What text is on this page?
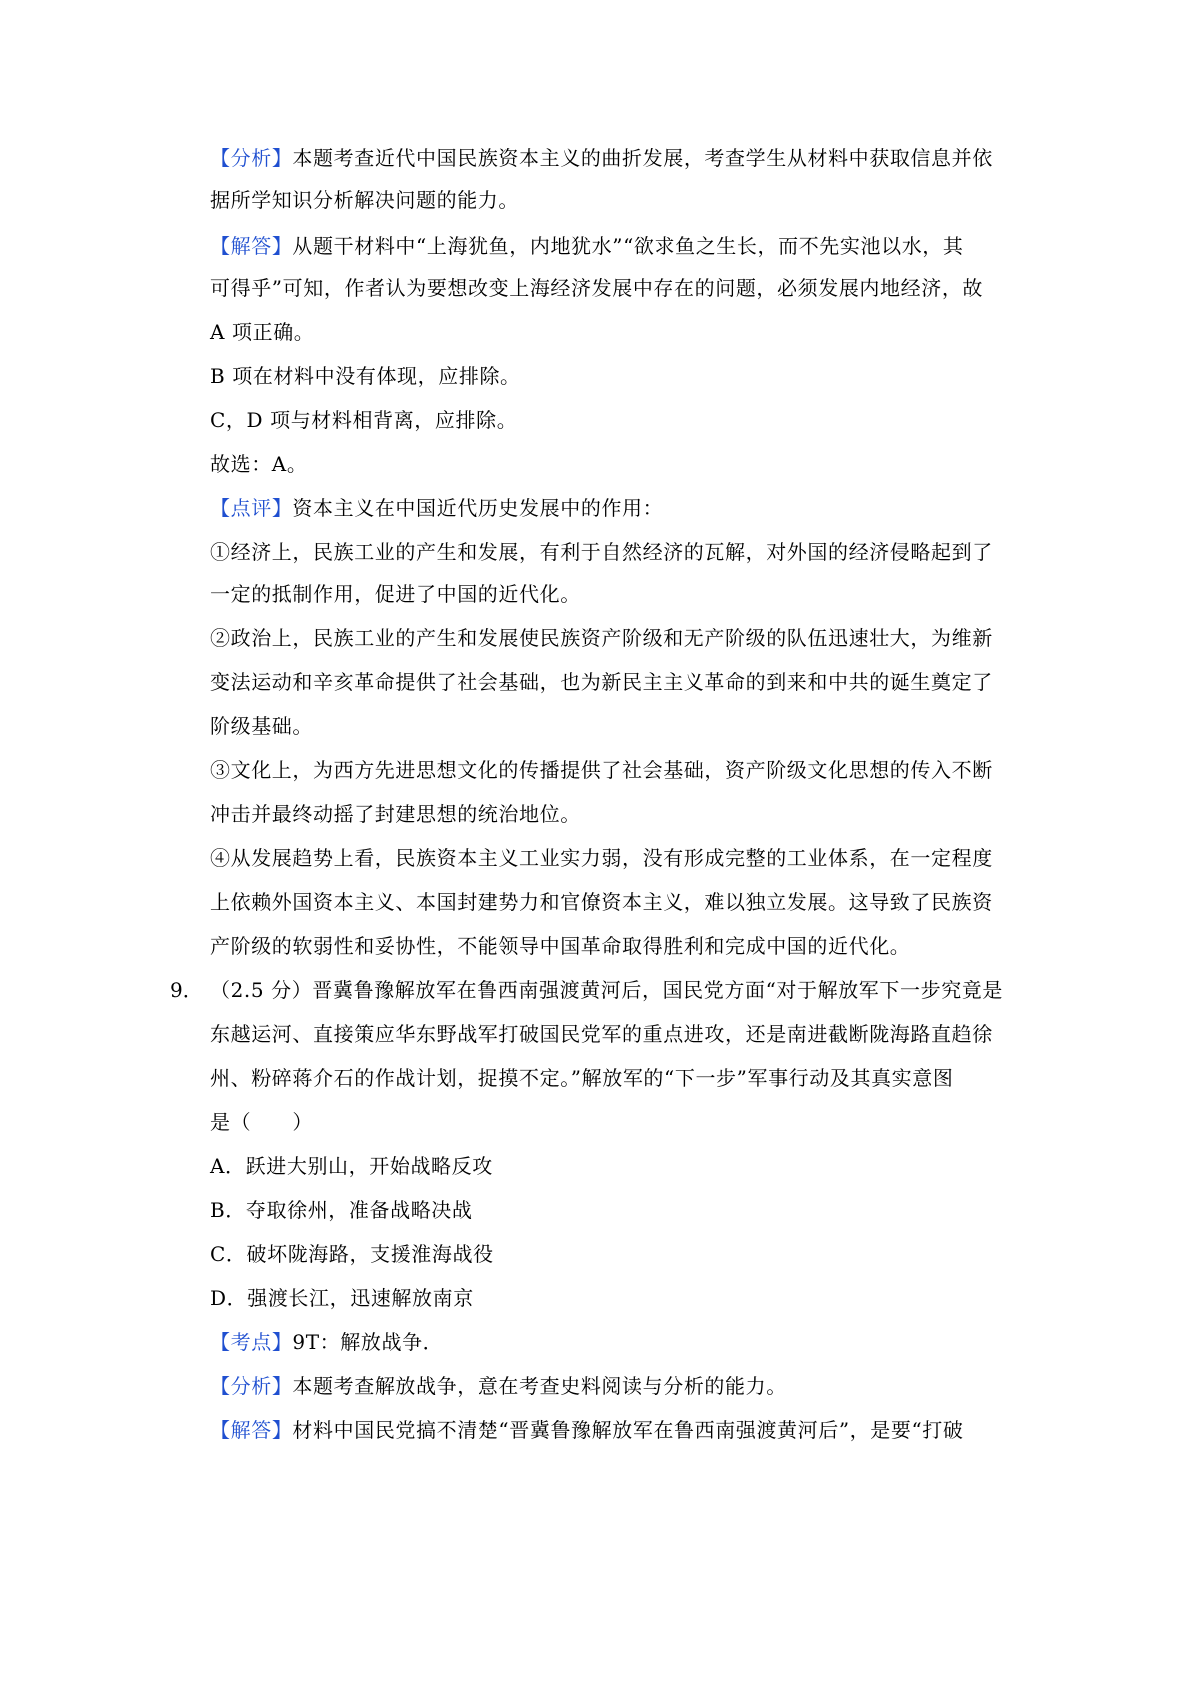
【分析】本题考查近代中国民族资本主义的曲折发展，考查学生从材料中获取信息并依
据所学知识分析解决问题的能力。
【解答】从题干材料中“上海犹鱼，内地犹水”“欲求鱼之生长，而不先实池以水，其
可得乎”可知，作者认为要想改变上海经济发展中存在的问题，必须发展内地经济，故
A 项正确。
B 项在材料中没有体现，应排除。
C，D 项与材料相背离，应排除。
故选：A。
【点评】资本主义在中国近代历史发展中的作用：
①经济上，民族工业的产生和发展，有利于自然经济的瓦解，对外国的经济侵略起到了
一定的抵制作用，促进了中国的近代化。
②政治上，民族工业的产生和发展使民族资产阶级和无产阶级的队伍迅速壮大，为维新
变法运动和辛亥革命提供了社会基础，也为新民主主义革命的到来和中共的诞生奠定了
阶级基础。
③文化上，为西方先进思想文化的传播提供了社会基础，资产阶级文化思想的传入不断
冲击并最终动摇了封建思想的统治地位。
④从发展趋势上看，民族资本主义工业实力弱，没有形成完整的工业体系，在一定程度
上依赖外国资本主义、本国封建势力和官僚资本主义，难以独立发展。这导致了民族资
产阶级的软弱性和妥协性，不能领导中国革命取得胜利和完成中国的近代化。
9． （2.5 分）晋冀鲁豫解放军在鲁西南强渡黄河后，国民党方面“对于解放军下一步究竟是
东越运河、直接策应华东野战军打破国民党军的重点进攻，还是南进截断陇海路直趋徐
州、粉碎蒋介石的作战计划，捉摸不定。”解放军的“下一步”军事行动及其真实意图
是（　　）
A．跃进大别山，开始战略反攻
B．夺取徐州，准备战略决战
C．破坏陇海路，支援淮海战役
D．强渡长江，迅速解放南京
【考点】9T：解放战争．
【分析】本题考查解放战争，意在考查史料阅读与分析的能力。
【解答】材料中国民党搞不清楚“晋冀鲁豫解放军在鲁西南强渡黄河后”，是要“打破
